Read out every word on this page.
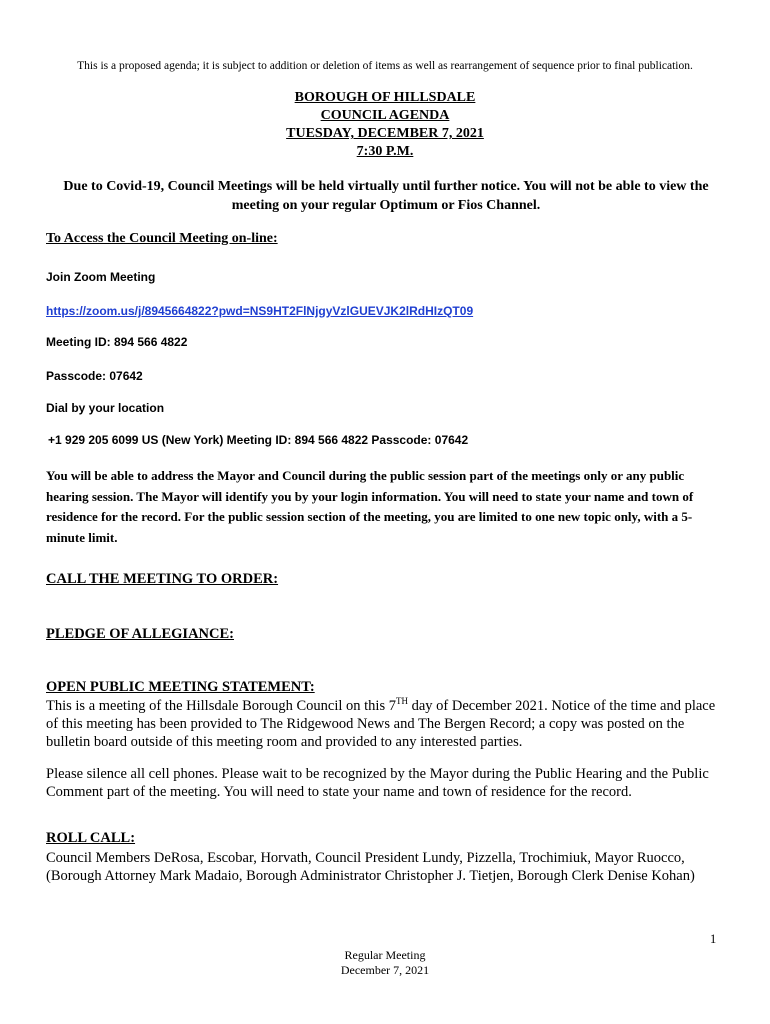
This is a proposed agenda; it is subject to addition or deletion of items as well as rearrangement of sequence prior to final publication.
BOROUGH OF HILLSDALE
COUNCIL AGENDA
TUESDAY, DECEMBER 7, 2021
7:30 P.M.
Due to Covid-19, Council Meetings will be held virtually until further notice. You will not be able to view the meeting on your regular Optimum or Fios Channel.
To Access the Council Meeting on-line:
Join Zoom Meeting
https://zoom.us/j/8945664822?pwd=NS9HT2FlNjgyVzlGUEVJK2lRdHIzQT09
Meeting ID: 894 566 4822
Passcode: 07642
Dial by your location
+1 929 205 6099 US (New York) Meeting ID: 894 566 4822 Passcode: 07642
You will be able to address the Mayor and Council during the public session part of the meetings only or any public hearing session. The Mayor will identify you by your login information. You will need to state your name and town of residence for the record. For the public session section of the meeting, you are limited to one new topic only, with a 5-minute limit.
CALL THE MEETING TO ORDER:
PLEDGE OF ALLEGIANCE:
OPEN PUBLIC MEETING STATEMENT:
This is a meeting of the Hillsdale Borough Council on this 7TH day of December 2021. Notice of the time and place of this meeting has been provided to The Ridgewood News and The Bergen Record; a copy was posted on the bulletin board outside of this meeting room and provided to any interested parties.
Please silence all cell phones. Please wait to be recognized by the Mayor during the Public Hearing and the Public Comment part of the meeting. You will need to state your name and town of residence for the record.
ROLL CALL:
Council Members DeRosa, Escobar, Horvath, Council President Lundy, Pizzella, Trochimiuk, Mayor Ruocco,
(Borough Attorney Mark Madaio, Borough Administrator Christopher J. Tietjen, Borough Clerk Denise Kohan)
1
Regular Meeting
December 7, 2021
